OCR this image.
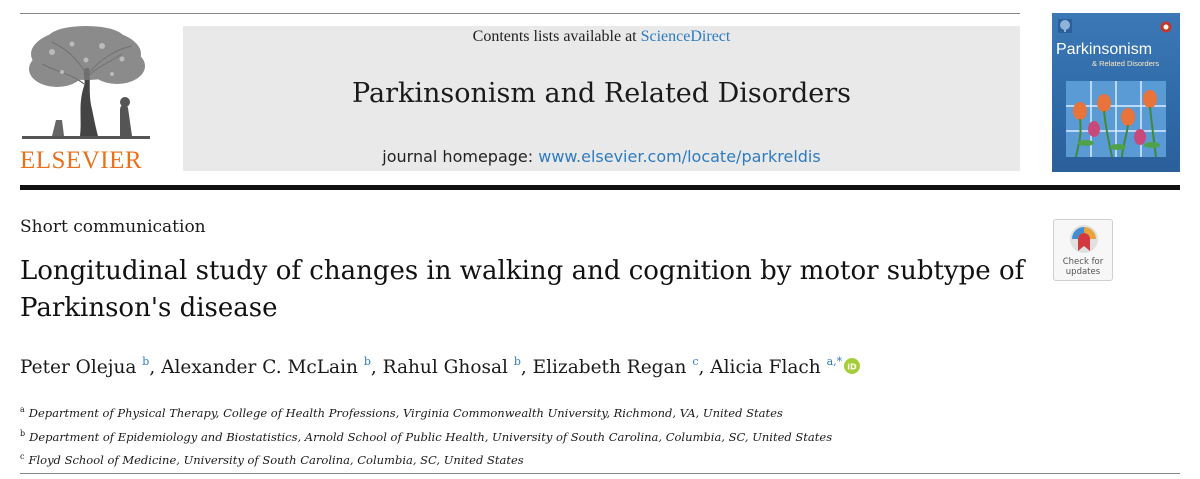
ELSEVIER
Contents lists available at ScienceDirect
Parkinsonism and Related Disorders
journal homepage: www.elsevier.com/locate/parkreldis
Parkinsonism
& Related Disorders
Short communication
Longitudinal study of changes in walking and cognition by motor subtype of Parkinson's disease
Check for
updates
Peter Olejua $^b$, Alexander C. McLain $^b$, Rahul Ghosal $^b$, Elizabeth Regan $^c$, Alicia Flach $^{a,*}$ iD
$^a$ Department of Physical Therapy, College of Health Professions, Virginia Commonwealth University, Richmond, VA, United States
$^b$ Department of Epidemiology and Biostatistics, Arnold School of Public Health, University of South Carolina, Columbia, SC, United States
$^c$ Floyd School of Medicine, University of South Carolina, Columbia, SC, United States
